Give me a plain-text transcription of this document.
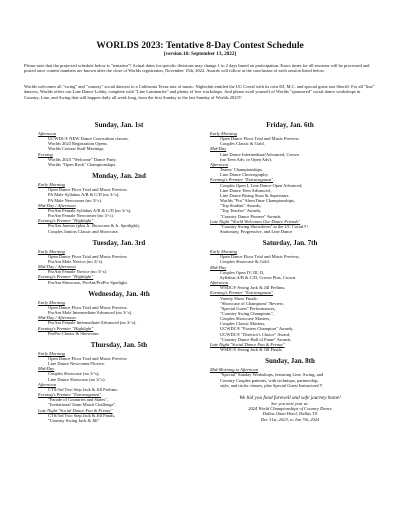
WORLDS 2023: Tentative 8-Day Contest Schedule
[version.16: September 13, 2022]
Please note that the projected schedule below is "tentative"! Actual dates for specific divisions may change 1 to 2 days based on participation. Exact times for all sessions will be processed and posted once contest numbers are known after the close of Worlds registration, November 15th, 2022. Awards will follow at the conclusion of each session listed below.
Worlds welcomes all "swing" and "country" social dancers to a California Texas mix of music. Nightclub entitled the UC Corral with its own DJ, M.C. and special guest star Sheriff. For all "line" dancers, Worlds offers our Line Dance Lobby, complete with "Line Luminaries" and plenty of free workshops. And please avail yourself of Worlds "sponsored" social dance workshops in Country, Line, and Swing that will happen daily all week long, from the first Sunday to the last Sunday of Worlds 2023!!
Sunday, Jan. 1st
Afternoon
UCWDC® NEW Dance Curriculum classes.
Worlds 2023 Registration Opens.
Worlds Contest Staff Meetings.
Evening
Worlds 2023 "Welcome" Dance Party.
Worlds "Open Rock" Championships.
Monday, Jan. 2nd
Early Morning
Open Dance Floor Trial and Music Preview.
PA Male Syllabus A/B & C/D (no 3/‘s),
PA Male Newcomer (no 3/‘s).
Mid-Day / Afternoon
ProAm Female Syllabus A/B & C/D (no 3/‘s),
ProAm Female Newcomer (no 3/‘s).
Evening's Premier "Highlight"
ProAm Juniors (plus Jr. Showcase & Jr. Spotlight),
Couples Juniors Classic and Showcase.
Tuesday, Jan. 3rd
Early Morning
Open Dance Floor Trial and Music Preview.
ProAm Male Novice (no 3/‘s).
Mid-Day / Afternoon
ProAm Female Novice (no 3/‘s).
Evening's Premier "Highlight"
ProAm Showcase, ProAm/ProPro Spotlight.
Wednesday, Jan. 4th
Early Morning
Open Dance Floor Trial and Music Preview.
ProAm Male Intermediate/Advanced (no 3/‘s).
Mid-Day / Afternoon
ProAm Female Intermediate/Advanced (no 3/‘s).
Evening's Premier "Highlight"
ProPro Classic & Showcase.
Thursday, Jan. 5th
Early Morning
Open Dance Floor Trial and Music Preview.
Line Dance Newcomer/Novice.
Mid-Day
Couples Showcase (no 3/‘s),
Line Dance Showcase (no 3/‘s).
Afternoon
CTS/3rd Two Step Jack & Jill Prelims.
Evening's Premier "Extravaganza"
"Parade of Countries and States",
"Invitational Team Match Challenge".
Late Night "Social Dance Fun & Frenzy"
CTS/3rd Two Step Jack & Jill Finals,
"Country Swing Jack & Jill"
Friday, Jan. 6th
Early Morning
Open Dance Floor Trial and Music Preview.
Couples Classic & Gold.
Mid-Day
Line Dance Intermediate/Advanced, Crown
(no Teen Adv. or Open Adv).
Afternoon
Teams' Championships,
Line Dance Choreography.
Evening's Premier "Extravaganza"
Couples Open I, Line Dance Open Advanced,
Line Dance Teen Advanced,
Line Dance Rising Stars & Superstars.
Worlds "Pro" ShowTime Championships,
"Top Student" Awards,
"Top Teacher" Awards,
"Country Dance Pioneer" Awards.
Late Night "World Welcomes Our Dance Friends"
"Country Swing Showdown" at the UC Corral!!!
Stationary, Progressive, and Line Dance
Saturday, Jan. 7th
Early Morning
Open Dance Floor Trial and Music Preview,
Couples Showcase & Gold.
Mid-Day
Couples Open IV, III, II,
Syllabus A/B & C/D, Crown Plus, Crown.
Afternoon
WSDC® Swing Jack & Jill Prelims.
Evening's Premier "Extravaganza"
Variety Show Finals:
"Showcase of Champions" Review,
"Special Guest" Performances,
"Country Swing Champions",
Couples Showcase Masters,
Couples Classic Masters,
UCWDC® "Fosters Champion" Awards,
UCWDC® "Director's Choice" Award,
"Country Dance Hall of Fame" Awards.
Late Night "Social Dance Fun & Frenzy"
WSDC® Swing Jack & Jill Finals.
Sunday, Jan. 8th
Mid-Morning to Afternoon
"Special" Sunday Workshops, featuring Line, Swing, and
Country Couples patterns, with technique, partnership,
style, and tricks classes, plus Special Guest Instructors!!!
We bid you fond farewell and safe journey home!
See you next year at:
2024 World Championships of Country Dance
Dallas Omni Hotel, Dallas TX
Dec 31st, 2023, to Jan 7th, 2024
